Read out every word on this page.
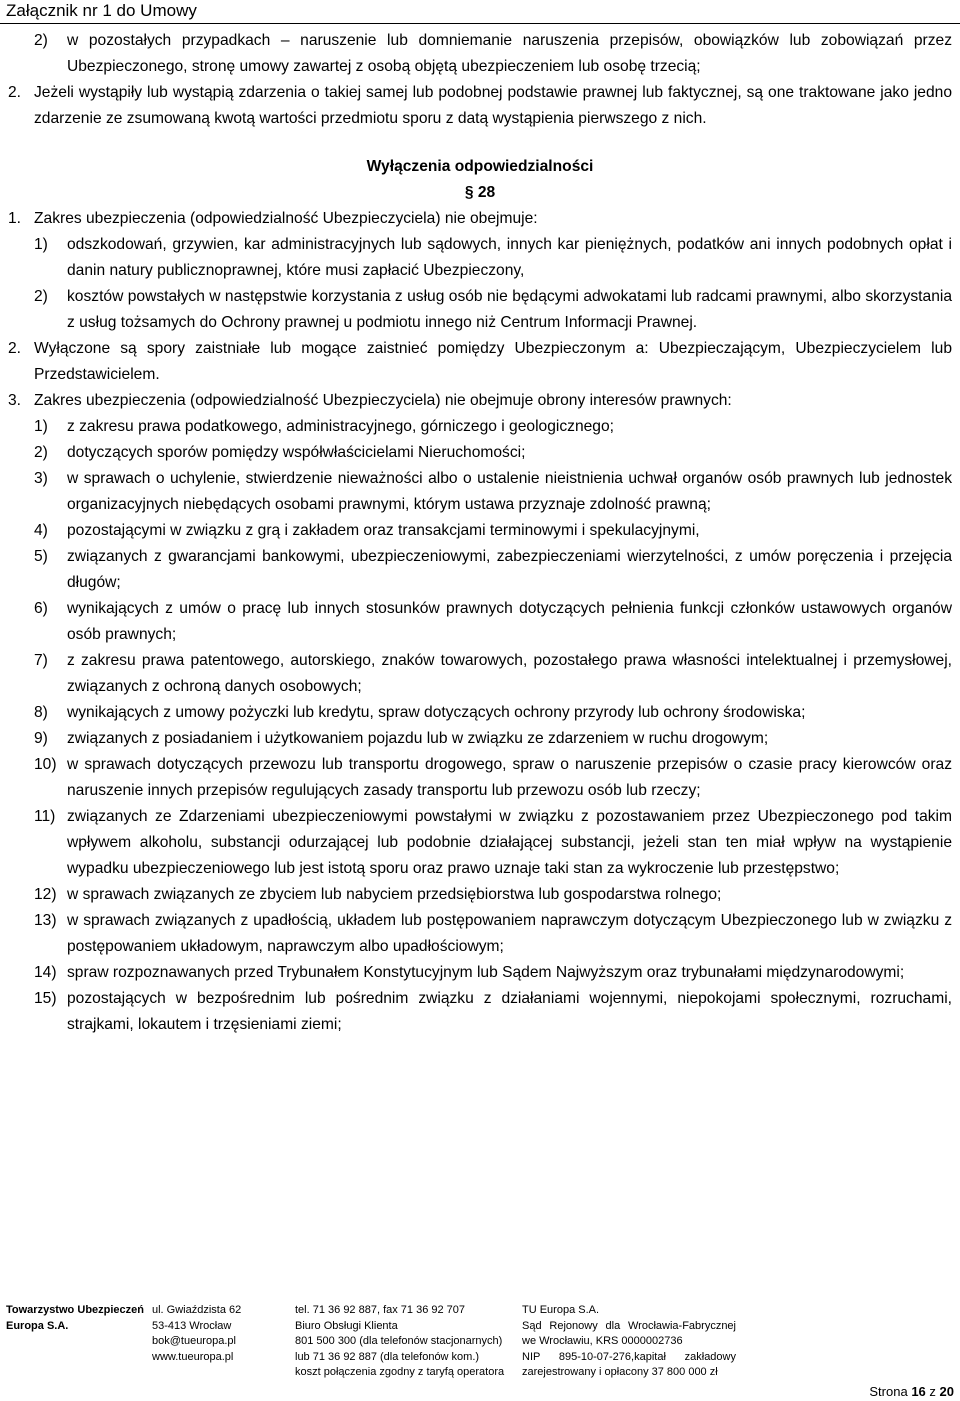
Załącznik nr 1 do Umowy
2)	w pozostałych przypadkach – naruszenie lub domniemanie naruszenia przepisów, obowiązków lub zobowiązań przez Ubezpieczonego, stronę umowy zawartej z osobą objętą ubezpieczeniem lub osobę trzecią;
2. Jeżeli wystąpiły lub wystąpią zdarzenia o takiej samej lub podobnej podstawie prawnej lub faktycznej, są one traktowane jako jedno zdarzenie ze zsumowaną kwotą wartości przedmiotu sporu z datą wystąpienia pierwszego z nich.
Wyłączenia odpowiedzialności
§ 28
1. Zakres ubezpieczenia (odpowiedzialność Ubezpieczyciela) nie obejmuje:
1)	odszkodowań, grzywien, kar administracyjnych lub sądowych, innych kar pieniężnych, podatków ani innych podobnych opłat i danin natury publicznoprawnej, które musi zapłacić Ubezpieczony,
2)	kosztów powstałych w następstwie korzystania z usług osób nie będącymi adwokatami lub radcami prawnymi, albo skorzystania z usług tożsamych do Ochrony prawnej u podmiotu innego niż Centrum Informacji Prawnej.
2. Wyłączone są spory zaistniałe lub mogące zaistnieć pomiędzy Ubezpieczonym a: Ubezpieczającym, Ubezpieczycielem lub Przedstawicielem.
3. Zakres ubezpieczenia (odpowiedzialność Ubezpieczyciela) nie obejmuje obrony interesów prawnych:
1)	z zakresu prawa podatkowego, administracyjnego, górniczego i geologicznego;
2)	dotyczących sporów pomiędzy współwłaścicielami Nieruchomości;
3)	w sprawach o uchylenie, stwierdzenie nieważności albo o ustalenie nieistnienia uchwał organów osób prawnych lub jednostek organizacyjnych niebędących osobami prawnymi, którym ustawa przyznaje zdolność prawną;
4)	pozostającymi w związku z grą i zakładem oraz transakcjami terminowymi i spekulacyjnymi,
5)	związanych z gwarancjami bankowymi, ubezpieczeniowymi, zabezpieczeniami wierzytelności, z umów poręczenia i przejęcia długów;
6)	wynikających z umów o pracę lub innych stosunków prawnych dotyczących pełnienia funkcji członków ustawowych organów osób prawnych;
7)	z zakresu prawa patentowego, autorskiego, znaków towarowych, pozostałego prawa własności intelektualnej i przemysłowej, związanych z ochroną danych osobowych;
8)	wynikających z umowy pożyczki lub kredytu, spraw dotyczących ochrony przyrody lub ochrony środowiska;
9)	związanych z posiadaniem i użytkowaniem pojazdu lub w związku ze zdarzeniem w ruchu drogowym;
10) w sprawach dotyczących przewozu lub transportu drogowego, spraw o naruszenie przepisów o czasie pracy kierowców oraz naruszenie innych przepisów regulujących zasady transportu lub przewozu osób lub rzeczy;
11) związanych ze Zdarzeniami ubezpieczeniowymi powstałymi w związku z pozostawaniem przez Ubezpieczonego pod takim wpływem alkoholu, substancji odurzającej lub podobnie działającej substancji, jeżeli stan ten miał wpływ na wystąpienie wypadku ubezpieczeniowego lub jest istotą sporu oraz prawo uznaje taki stan za wykroczenie lub przestępstwo;
12) w sprawach związanych ze zbyciem lub nabyciem przedsiębiorstwa lub gospodarstwa rolnego;
13) w sprawach związanych z upadłością, układem lub postępowaniem naprawczym dotyczącym Ubezpieczonego lub w związku z postępowaniem układowym, naprawczym albo upadłościowym;
14) spraw rozpoznawanych przed Trybunałem Konstytucyjnym lub Sądem Najwyższym oraz trybunałami międzynarodowymi;
15) pozostających w bezpośrednim lub pośrednim związku z działaniami wojennymi, niepokojami społecznymi, rozruchami, strajkami, lokautem i trzęsieniami ziemi;
Towarzystwo Ubezpieczeń Europa S.A.
ul. Gwiaździsta 62
53-413 Wrocław
bok@tueuropa.pl
www.tueuropa.pl
tel. 71 36 92 887, fax 71 36 92 707
Biuro Obsługi Klienta
801 500 300 (dla telefonów stacjonarnych)
lub 71 36 92 887 (dla telefonów kom.)
koszt połączenia zgodny z taryfą operatora
TU Europa S.A.
Sąd Rejonowy dla Wrocławia-Fabrycznej
we Wrocławiu, KRS 0000002736
NIP 895-10-07-276,kapitał zakładowy
zarejestrowany i opłacony 37 800 000 zł
Strona 16 z 20
